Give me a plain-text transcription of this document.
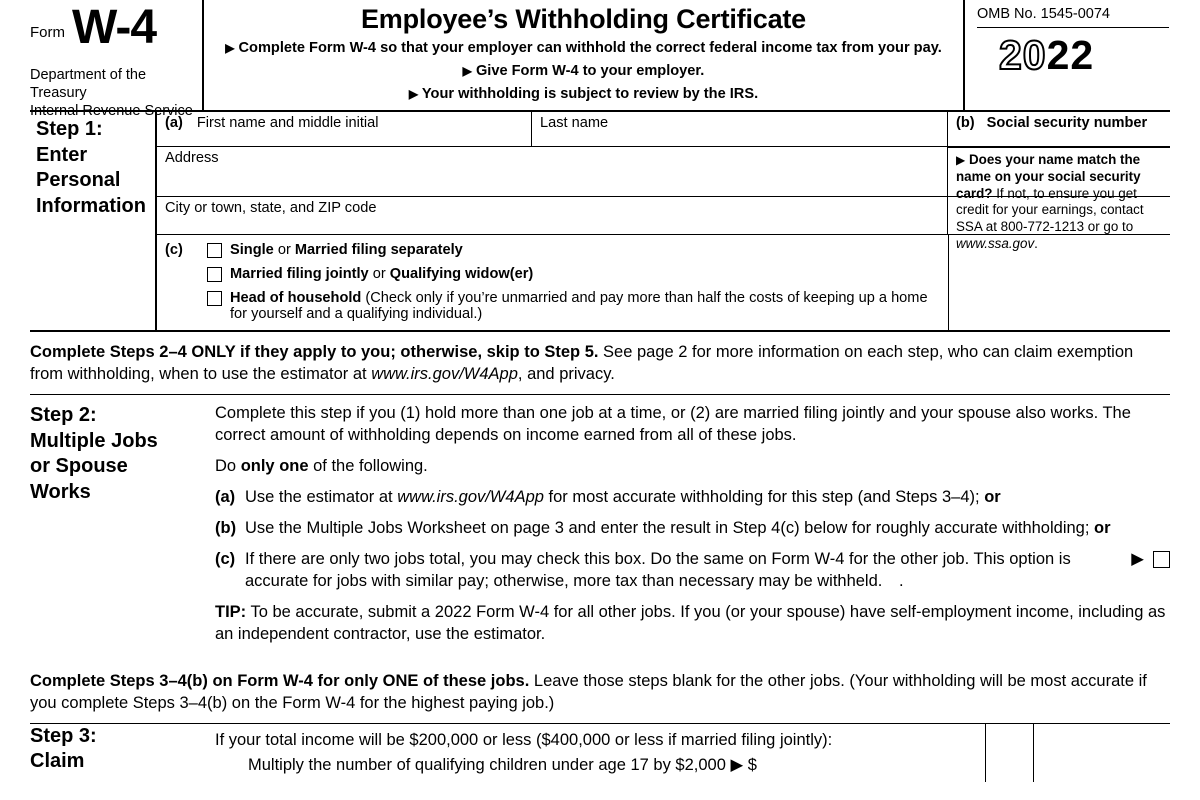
Form W-4
Department of the Treasury
Internal Revenue Service
Employee’s Withholding Certificate
▶ Complete Form W-4 so that your employer can withhold the correct federal income tax from your pay.
▶ Give Form W-4 to your employer.
▶ Your withholding is subject to review by the IRS.
OMB No. 1545-0074
2022
Step 1:
Enter
Personal
Information
(a) First name and middle initial	Last name	(b) Social security number
Address	▶ Does your name match the name on your social security card? If not, to ensure you get credit for your earnings, contact SSA at 800-772-1213 or go to www.ssa.gov.
City or town, state, and ZIP code
(c)	Single or Married filing separately
Married filing jointly or Qualifying widow(er)
Head of household (Check only if you’re unmarried and pay more than half the costs of keeping up a home for yourself and a qualifying individual.)
Complete Steps 2–4 ONLY if they apply to you; otherwise, skip to Step 5. See page 2 for more information on each step, who can claim exemption from withholding, when to use the estimator at www.irs.gov/W4App, and privacy.
Step 2:
Multiple Jobs
or Spouse
Works
Complete this step if you (1) hold more than one job at a time, or (2) are married filing jointly and your spouse also works. The correct amount of withholding depends on income earned from all of these jobs.
Do only one of the following.
(a) Use the estimator at www.irs.gov/W4App for most accurate withholding for this step (and Steps 3–4); or
(b) Use the Multiple Jobs Worksheet on page 3 and enter the result in Step 4(c) below for roughly accurate withholding; or
(c)	▶
If there are only two jobs total, you may check this box. Do the same on Form W-4 for the other job. This option is accurate for jobs with similar pay; otherwise, more tax than necessary may be withheld. .
TIP: To be accurate, submit a 2022 Form W-4 for all other jobs. If you (or your spouse) have self-employment income, including as an independent contractor, use the estimator.
Complete Steps 3–4(b) on Form W-4 for only ONE of these jobs. Leave those steps blank for the other jobs. (Your withholding will be most accurate if you complete Steps 3–4(b) on the Form W-4 for the highest paying job.)
Step 3:
Claim
If your total income will be $200,000 or less ($400,000 or less if married filing jointly):
Multiply the number of qualifying children under age 17 by $2,000 ▶ $
